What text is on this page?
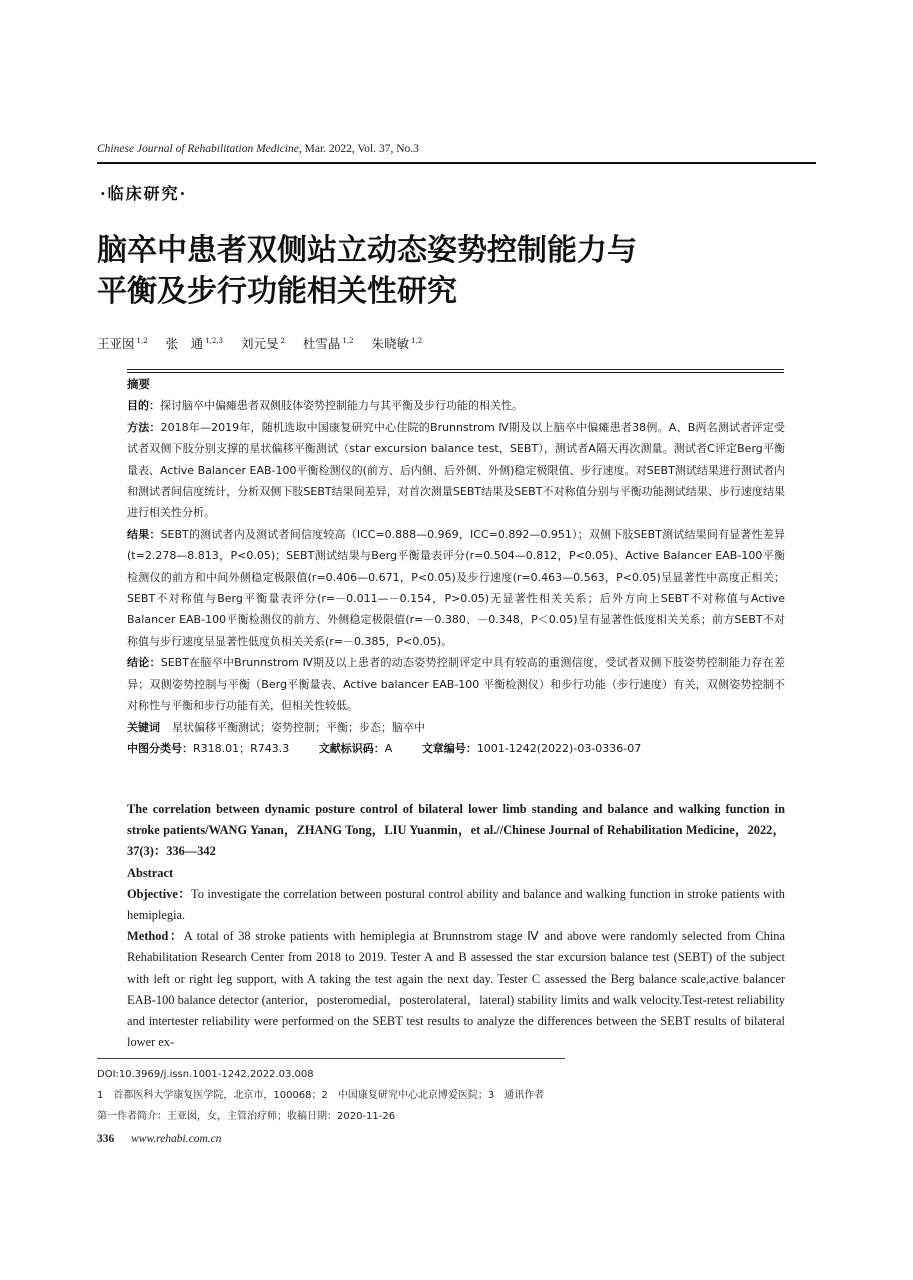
Chinese Journal of Rehabilitation Medicine, Mar. 2022, Vol. 37, No.3
·临床研究·
脑卒中患者双侧站立动态姿势控制能力与
平衡及步行功能相关性研究
王亚囡 $^{1,2}$ 张　通 $^{1,2,3}$ 刘元旻 $^2$ 杜雪晶 $^{1,2}$ 朱晓敏 $^{1,2}$

摘要

目的：探讨脑卒中偏瘫患者双侧肢体姿势控制能力与其平衡及步行功能的相关性。

方法：2018年—2019年，随机选取中国康复研究中心住院的Brunnstrom Ⅳ期及以上脑卒中偏瘫患者38例。A、B两名测试者评定受试者双侧下肢分别支撑的星状偏移平衡测试（star excursion balance test，SEBT），测试者A隔天再次测量。测试者C评定Berg平衡量表、Active Balancer EAB-100平衡检测仪的(前方、后内侧、后外侧、外侧)稳定极限值、步行速度。对SEBT测试结果进行测试者内和测试者间信度统计，分析双侧下肢SEBT结果间差异，对首次测量SEBT结果及SEBT不对称值分别与平衡功能测试结果、步行速度结果进行相关性分析。

结果：SEBT的测试者内及测试者间信度较高（ICC=0.888—0.969，ICC=0.892—0.951）；双侧下肢SEBT测试结果间有显著性差异(t=2.278—8.813，P<0.05)；SEBT测试结果与Berg平衡量表评分(r=0.504—0.812，P<0.05)、Active Balancer EAB-100平衡检测仪的前方和中间外侧稳定极限值(r=0.406—0.671，P<0.05)及步行速度(r=0.463—0.563，P<0.05)呈显著性中高度正相关；SEBT不对称值与Berg平衡量表评分(r=－0.011—－0.154，P>0.05)无显著性相关关系；后外方向上SEBT不对称值与Active Balancer EAB-100平衡检测仪的前方、外侧稳定极限值(r=－0.380、－0.348，P＜0.05)呈有显著性低度相关关系；前方SEBT不对称值与步行速度呈显著性低度负相关关系(r=－0.385，P<0.05)。

结论：SEBT在脑卒中Brunnstrom Ⅳ期及以上患者的动态姿势控制评定中具有较高的重测信度，受试者双侧下肢姿势控制能力存在差异；双侧姿势控制与平衡（Berg平衡量表、Active balancer EAB-100 平衡检测仪）和步行功能（步行速度）有关，双侧姿势控制不对称性与平衡和步行功能有关，但相关性较低。

关键词 星状偏移平衡测试；姿势控制；平衡；步态；脑卒中

中图分类号：R318.01；R743.3	文献标识码：A	文章编号：1001-1242(2022)-03-0336-07

The correlation between dynamic posture control of bilateral lower limb standing and balance and walking function in stroke patients/WANG Yanan，ZHANG Tong，LIU Yuanmin，et al.//Chinese Journal of Rehabilitation Medicine，2022，37(3)：336—342

Abstract

Objective：To investigate the correlation between postural control ability and balance and walking function in stroke patients with hemiplegia.

Method：A total of 38 stroke patients with hemiplegia at Brunnstrom stage Ⅳ and above were randomly selected from China Rehabilitation Research Center from 2018 to 2019. Tester A and B assessed the star excursion balance test (SEBT) of the subject with left or right leg support, with A taking the test again the next day. Tester C assessed the Berg balance scale,active balancer EAB-100 balance detector (anterior，posteromedial，posterolateral，lateral) stability limits and walk velocity.Test-retest reliability and intertester reliability were performed on the SEBT test results to analyze the differences between the SEBT results of bilateral lower ex-

DOI:10.3969/j.issn.1001-1242.2022.03.008

1　首都医科大学康复医学院，北京市，100068；2　中国康复研究中心北京博爱医院；3　通讯作者

第一作者简介：王亚囡，女，主管治疗师；收稿日期：2020-11-26

336 www.rehabi.com.cn
